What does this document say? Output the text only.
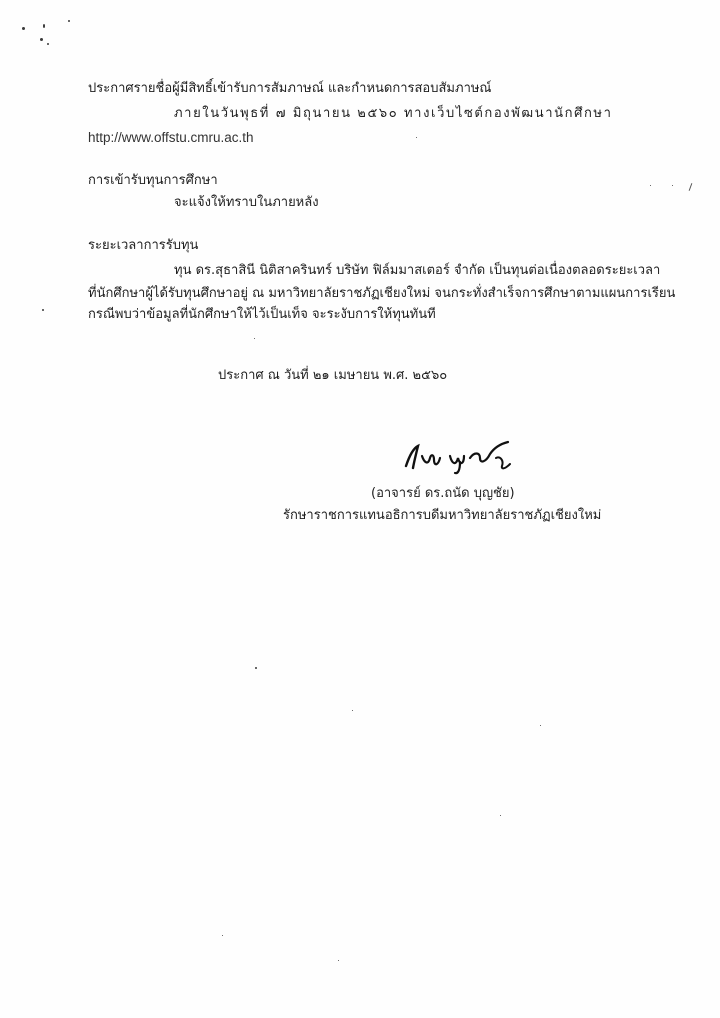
ประกาศรายชื่อผู้มีสิทธิ์เข้ารับการสัมภาษณ์ และกำหนดการสอบสัมภาษณ์
ภายในวันพุธที่ ๗ มิถุนายน ๒๕๖๐ ทางเว็บไซต์กองพัฒนานักศึกษา
http://www.offstu.cmru.ac.th
การเข้ารับทุนการศึกษา
จะแจ้งให้ทราบในภายหลัง
ระยะเวลาการรับทุน
ทุน ดร.สุธาสินี นิติสาครินทร์ บริษัท ฟิล์มมาสเตอร์ จำกัด เป็นทุนต่อเนื่องตลอดระยะเวลา
ที่นักศึกษาผู้ได้รับทุนศึกษาอยู่ ณ มหาวิทยาลัยราชภัฏเชียงใหม่ จนกระทั่งสำเร็จการศึกษาตามแผนการเรียน
กรณีพบว่าข้อมูลที่นักศึกษาให้ไว้เป็นเท็จ จะระงับการให้ทุนทันที
ประกาศ ณ วันที่ ๒๑ เมษายน พ.ศ. ๒๕๖๐
(อาจารย์ ดร.ถนัด บุญชัย)
รักษาราชการแทนอธิการบดีมหาวิทยาลัยราชภัฏเชียงใหม่
